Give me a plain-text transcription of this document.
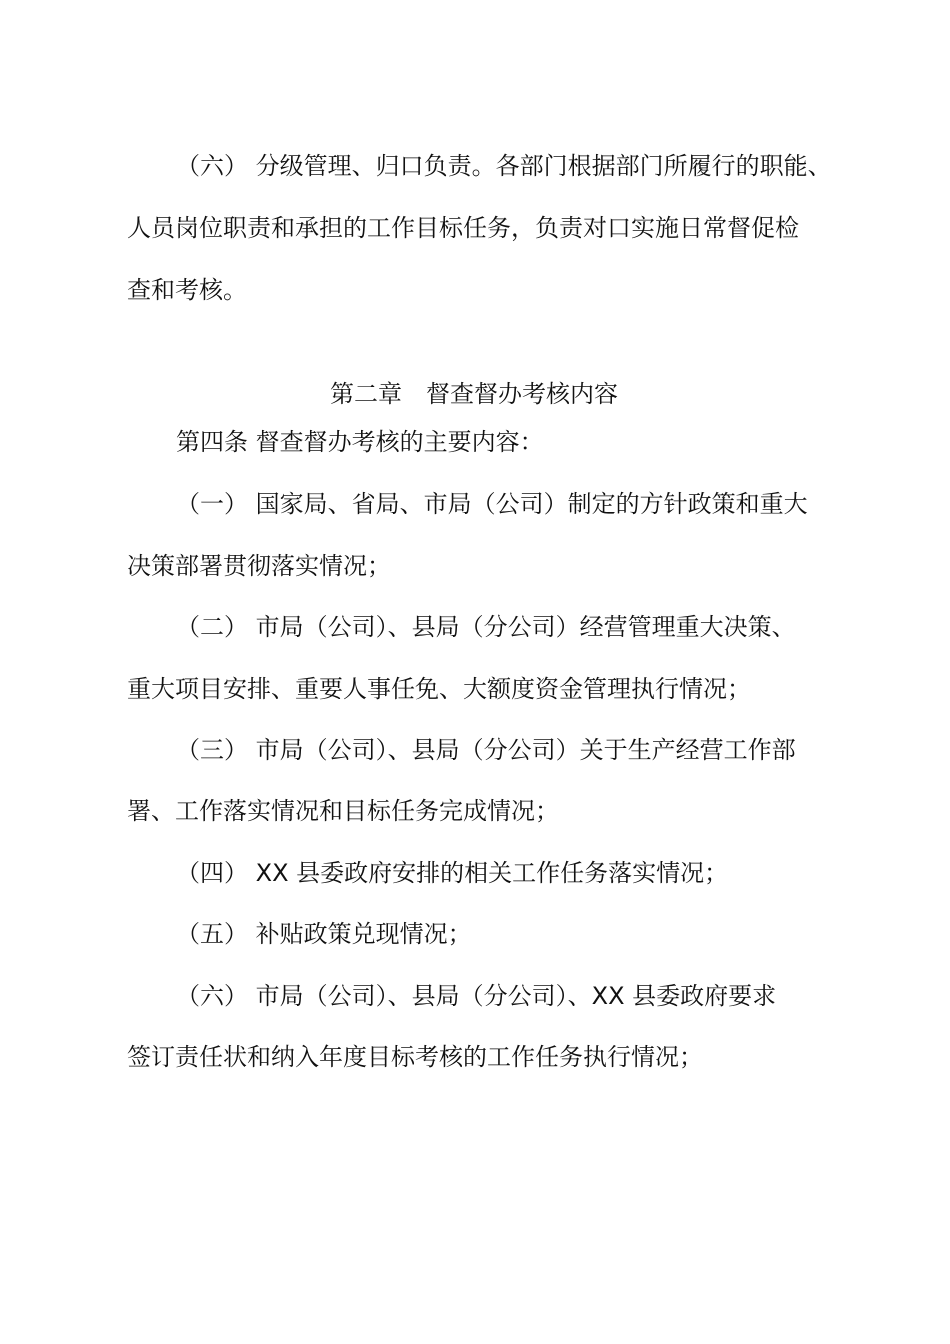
（六） 分级管理、归口负责。各部门根据部门所履行的职能、
人员岗位职责和承担的工作目标任务，负责对口实施日常督促检
查和考核。
第二章　督查督办考核内容
第四条 督查督办考核的主要内容：
（一） 国家局、省局、市局（公司）制定的方针政策和重大
决策部署贯彻落实情况；
（二） 市局（公司）、县局（分公司）经营管理重大决策、
重大项目安排、重要人事任免、大额度资金管理执行情况；
（三） 市局（公司）、县局（分公司）关于生产经营工作部
署、工作落实情况和目标任务完成情况；
（四） XX 县委政府安排的相关工作任务落实情况；
（五） 补贴政策兑现情况；
（六） 市局（公司）、县局（分公司）、XX 县委政府要求
签订责任状和纳入年度目标考核的工作任务执行情况；
